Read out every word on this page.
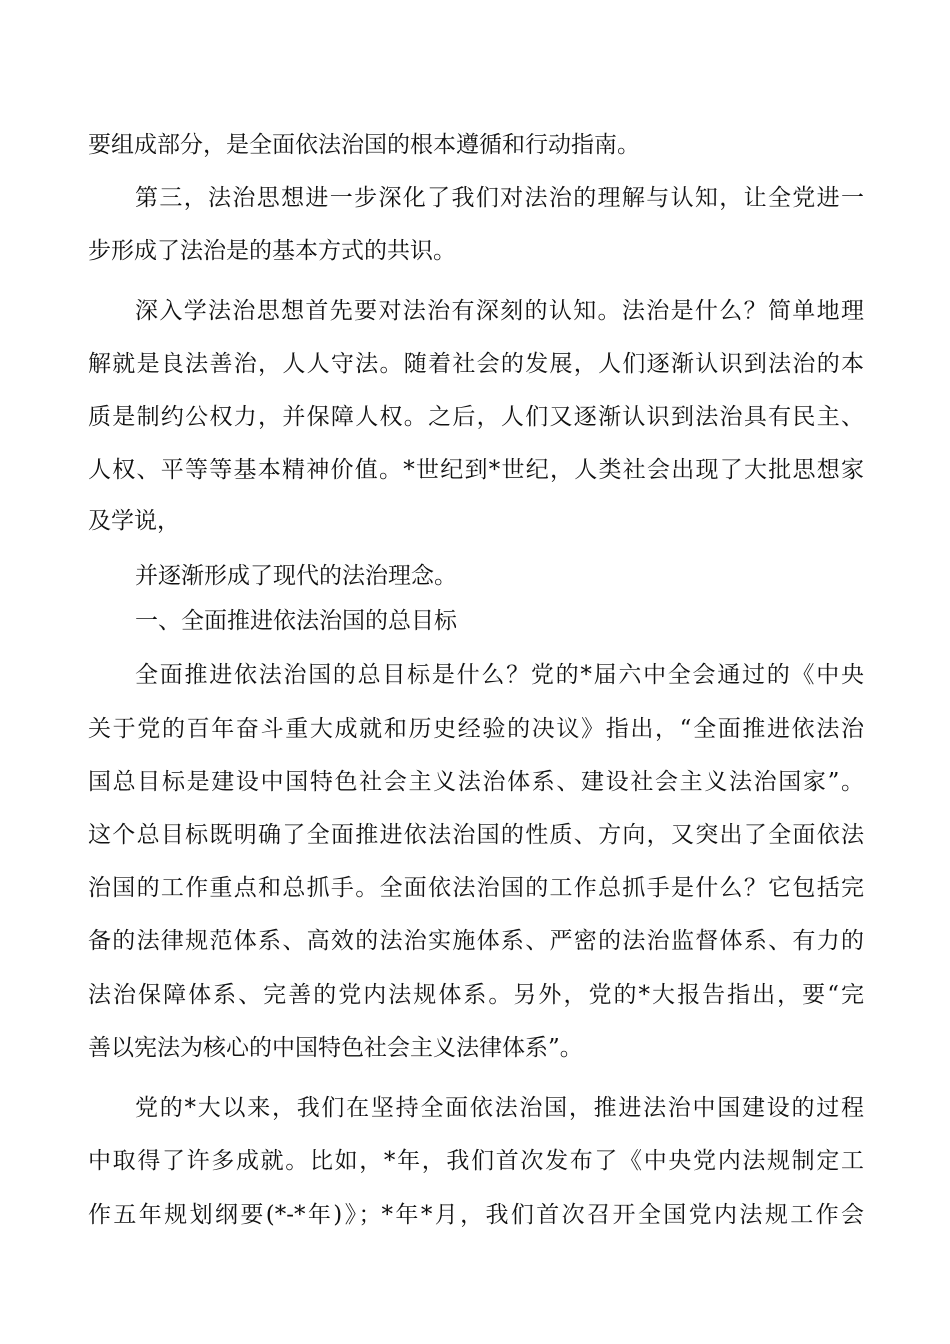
要组成部分，是全面依法治国的根本遵循和行动指南。
第三，法治思想进一步深化了我们对法治的理解与认知，让全党进一
步形成了法治是的基本方式的共识。
深入学法治思想首先要对法治有深刻的认知。法治是什么？简单地理
解就是良法善治，人人守法。随着社会的发展，人们逐渐认识到法治的本
质是制约公权力，并保障人权。之后，人们又逐渐认识到法治具有民主、
人权、平等等基本精神价值。*世纪到*世纪，人类社会出现了大批思想家
及学说，
并逐渐形成了现代的法治理念。
一、全面推进依法治国的总目标
全面推进依法治国的总目标是什么？党的*届六中全会通过的《中央
关于党的百年奋斗重大成就和历史经验的决议》指出，“全面推进依法治
国总目标是建设中国特色社会主义法治体系、建设社会主义法治国家”。
这个总目标既明确了全面推进依法治国的性质、方向，又突出了全面依法
治国的工作重点和总抓手。全面依法治国的工作总抓手是什么？它包括完
备的法律规范体系、高效的法治实施体系、严密的法治监督体系、有力的
法治保障体系、完善的党内法规体系。另外，党的*大报告指出，要“完
善以宪法为核心的中国特色社会主义法律体系”。
党的*大以来，我们在坚持全面依法治国，推进法治中国建设的过程
中取得了许多成就。比如，*年，我们首次发布了《中央党内法规制定工
作五年规划纲要(*-*年)》；*年*月，我们首次召开全国党内法规工作会
